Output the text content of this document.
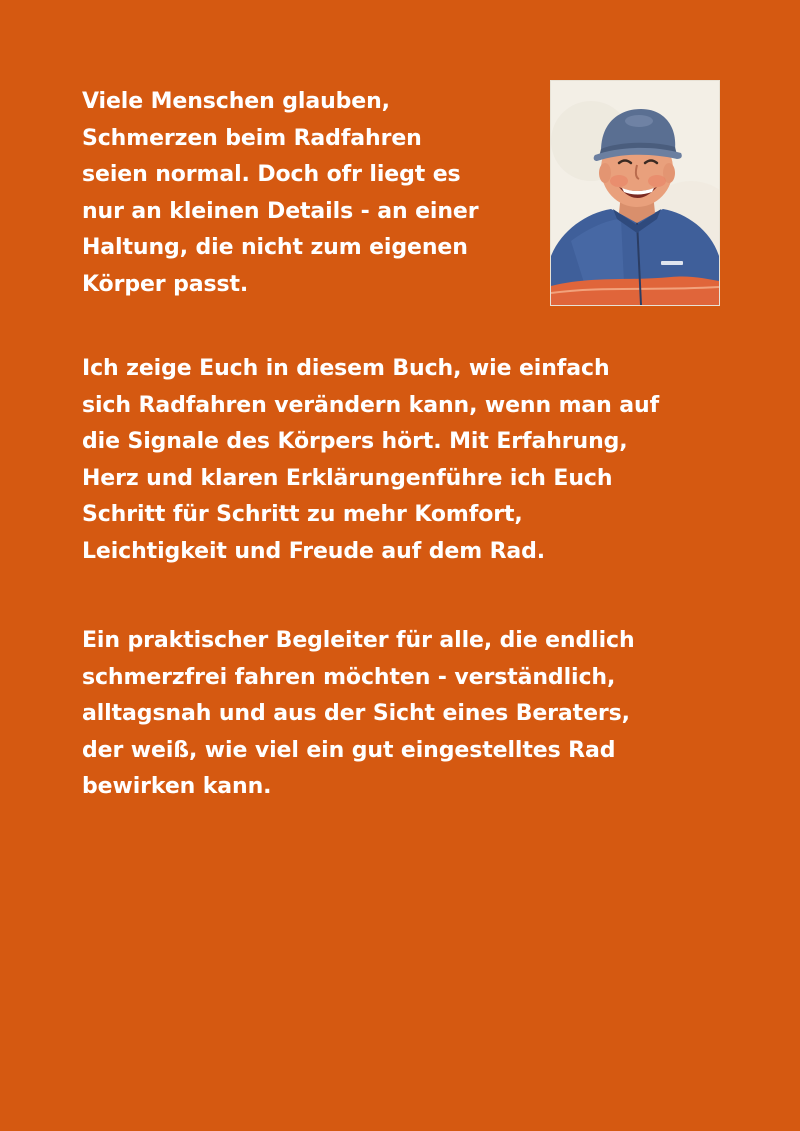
Viele Menschen glauben,
Schmerzen beim Radfahren
seien normal. Doch ofr liegt es
nur an kleinen Details - an einer
Haltung, die nicht zum eigenen
Körper passt.

Ich zeige Euch in diesem Buch, wie einfach
sich Radfahren verändern kann, wenn man auf
die Signale des Körpers hört. Mit Erfahrung,
Herz und klaren Erklärungenführe ich Euch
Schritt für Schritt zu mehr Komfort,
Leichtigkeit und Freude auf dem Rad.

Ein praktischer Begleiter für alle, die endlich
schmerzfrei fahren möchten - verständlich,
alltagsnah und aus der Sicht eines Beraters,
der weiß, wie viel ein gut eingestelltes Rad
bewirken kann.
